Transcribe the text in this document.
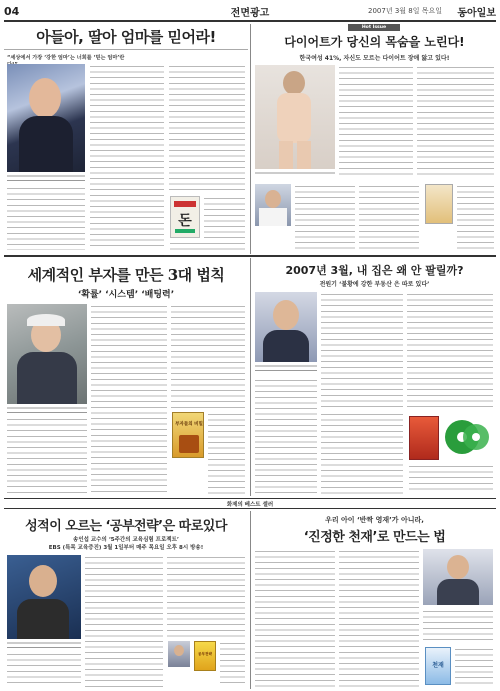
04	전면광고	2007년 3월 8일 목요일 동아일보
아들아, 딸아 엄마를 믿어라!
“세상에서 가장 ‘강한 엄마’는 너희를 ‘믿는 엄마’란
돈
Hot Issue
다이어트가 당신의 목숨을 노린다!
한국여성 41%, 자신도 모르는 다이어트 장애 앓고 있다!
세계적인 부자를 만든 3대 법칙
‘확률’ ‘시스템’ ‘배팅력’
부자들의 비밀
2007년 3월, 내 집은 왜 안 팔릴까?
전원기 ‘불황에 강한 부동산 은 따로 있다’
화제의 베스트 셀러
성적이 오르는 ‘공부전략’은 따로있다
송인섭 교수의 ‘5주간의 교육심험 프로젝트’
EBS (특목 교육증진) 3월 1일부터 매주 목요일 오후 8시 방송!
공부전략
우리 아이 ‘반짝 영재’가 아니라,
‘진정한 천재’로 만드는 법
천재
